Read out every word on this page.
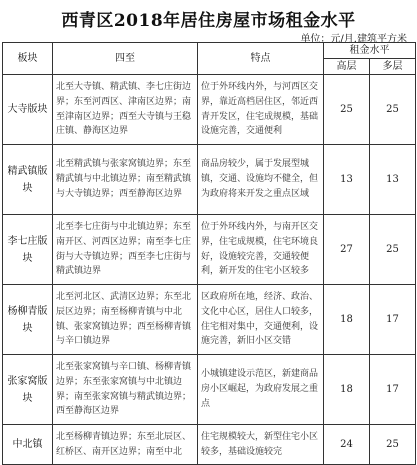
西青区2018年居住房屋市场租金水平
单位：元/月.建筑平方米
板块	四至	特点	租金水平	
			高层	多层
大寺版块	北至大寺镇、精武镇、李七庄街边界；东至河西区、津南区边界；南至津南区边界；西至大寺镇与王稳庄镇、静海区边界	位于外环线内外，与河西区交界，靠近高档居住区，邻近西青开发区，住宅成规模，基础设施完善，交通便利	25	25
精武镇版块	北至精武镇与张家窝镇边界；东至精武镇与中北镇边界；南至精武镇与大寺镇边界；西至静海区边界	商品房较少，属于发展型城镇，交通、设施均不健全，但为政府将来开发之重点区域	13	13
李七庄版块	北至李七庄街与中北镇边界；东至南开区、河西区边界；南至李七庄街与大寺镇边界；西至李七庄街与精武镇边界	位于外环线内外，与南开区交界，住宅成规模，住宅环境良好，设施较完善，交通较便利，新开发的住宅小区较多	27	25
杨柳青版块	北至河北区、武清区边界；东至北辰区边界；南至杨柳青镇与中北镇、张家窝镇边界；西至杨柳青镇与辛口镇边界	区政府所在地，经济、政治、文化中心区，居住人口较多，住宅相对集中，交通便利，设施完善，新旧小区交错	18	17
张家窝版块	北至张家窝镇与辛口镇、杨柳青镇边界；东至张家窝镇与中北镇边界；南至张家窝镇与精武镇边界；西至静海区边界	小城镇建设示范区，新建商品房小区崛起，为政府发展之重点	18	17
中北镇	北至杨柳青镇边界；东至北辰区、红桥区、南开区边界；南至中北	住宅规模较大，新型住宅小区较多，基础设施较完	24	25
